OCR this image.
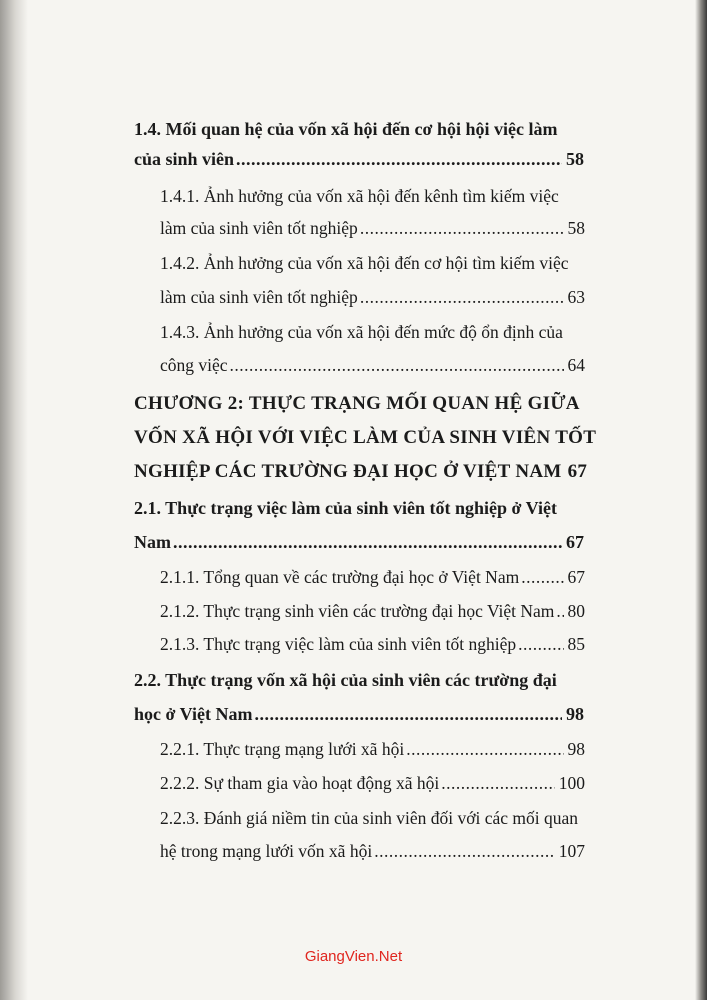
1.4. Mối quan hệ của vốn xã hội đến cơ hội hội việc làm
của sinh viên .....	58
1.4.1. Ảnh hưởng của vốn xã hội đến kênh tìm kiếm việc
làm của sinh viên tốt nghiệp .....	58
1.4.2. Ảnh hưởng của vốn xã hội đến cơ hội tìm kiếm việc
làm của sinh viên tốt nghiệp .....	63
1.4.3. Ảnh hưởng của vốn xã hội đến mức độ ổn định của
công việc .....	64
CHƯƠNG 2: THỰC TRẠNG MỐI QUAN HỆ GIỮA
VỐN XÃ HỘI VỚI VIỆC LÀM CỦA SINH VIÊN TỐT
NGHIỆP CÁC TRƯỜNG ĐẠI HỌC Ở VIỆT NAM 67
2.1. Thực trạng việc làm của sinh viên tốt nghiệp ở Việt
Nam .....	67
2.1.1. Tổng quan về các trường đại học ở Việt Nam .....	67
2.1.2. Thực trạng sinh viên các trường đại học Việt Nam ..... 80
2.1.3. Thực trạng việc làm của sinh viên tốt nghiệp .....	85
2.2. Thực trạng vốn xã hội của sinh viên các trường đại
học ở Việt Nam .....	98
2.2.1. Thực trạng mạng lưới xã hội .....	98
2.2.2. Sự tham gia vào hoạt động xã hội .....	100
2.2.3. Đánh giá niềm tin của sinh viên đối với các mối quan
hệ trong mạng lưới vốn xã hội .....	107
GiangVien.Net
